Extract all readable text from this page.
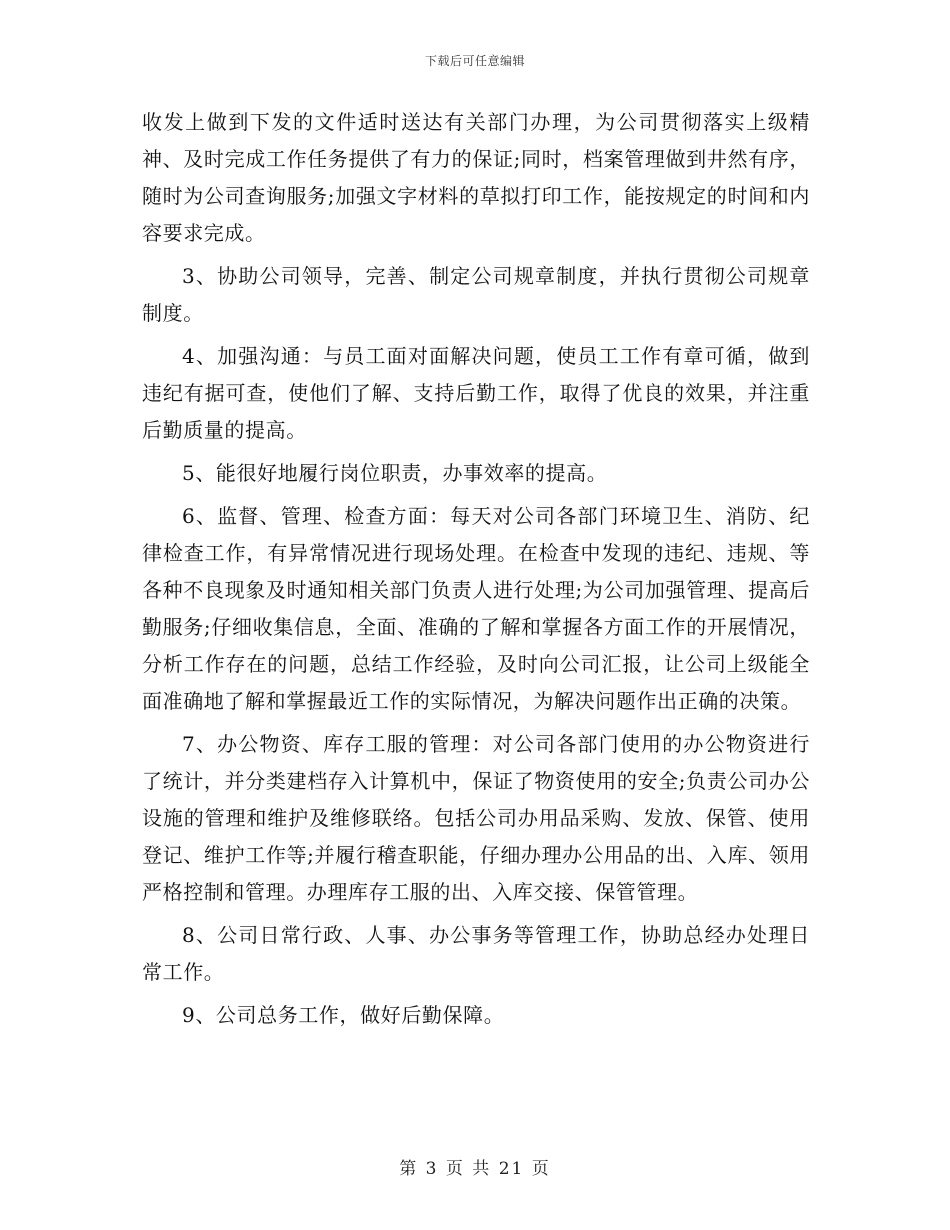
下载后可任意编辑

收发上做到下发的文件适时送达有关部门办理，为公司贯彻落实上级精神、及时完成工作任务提供了有力的保证;同时，档案管理做到井然有序，随时为公司查询服务;加强文字材料的草拟打印工作，能按规定的时间和内容要求完成。

3、协助公司领导，完善、制定公司规章制度，并执行贯彻公司规章制度。

4、加强沟通：与员工面对面解决问题，使员工工作有章可循，做到违纪有据可查，使他们了解、支持后勤工作，取得了优良的效果，并注重后勤质量的提高。

5、能很好地履行岗位职责，办事效率的提高。

6、监督、管理、检查方面：每天对公司各部门环境卫生、消防、纪律检查工作，有异常情况进行现场处理。在检查中发现的违纪、违规、等各种不良现象及时通知相关部门负责人进行处理;为公司加强管理、提高后勤服务;仔细收集信息，全面、准确的了解和掌握各方面工作的开展情况，分析工作存在的问题，总结工作经验，及时向公司汇报，让公司上级能全面准确地了解和掌握最近工作的实际情况，为解决问题作出正确的决策。

7、办公物资、库存工服的管理：对公司各部门使用的办公物资进行了统计，并分类建档存入计算机中，保证了物资使用的安全;负责公司办公设施的管理和维护及维修联络。包括公司办用品采购、发放、保管、使用登记、维护工作等;并履行稽查职能，仔细办理办公用品的出、入库、领用严格控制和管理。办理库存工服的出、入库交接、保管管理。

8、公司日常行政、人事、办公事务等管理工作，协助总经办处理日常工作。

9、公司总务工作，做好后勤保障。

第 3 页 共 21 页
